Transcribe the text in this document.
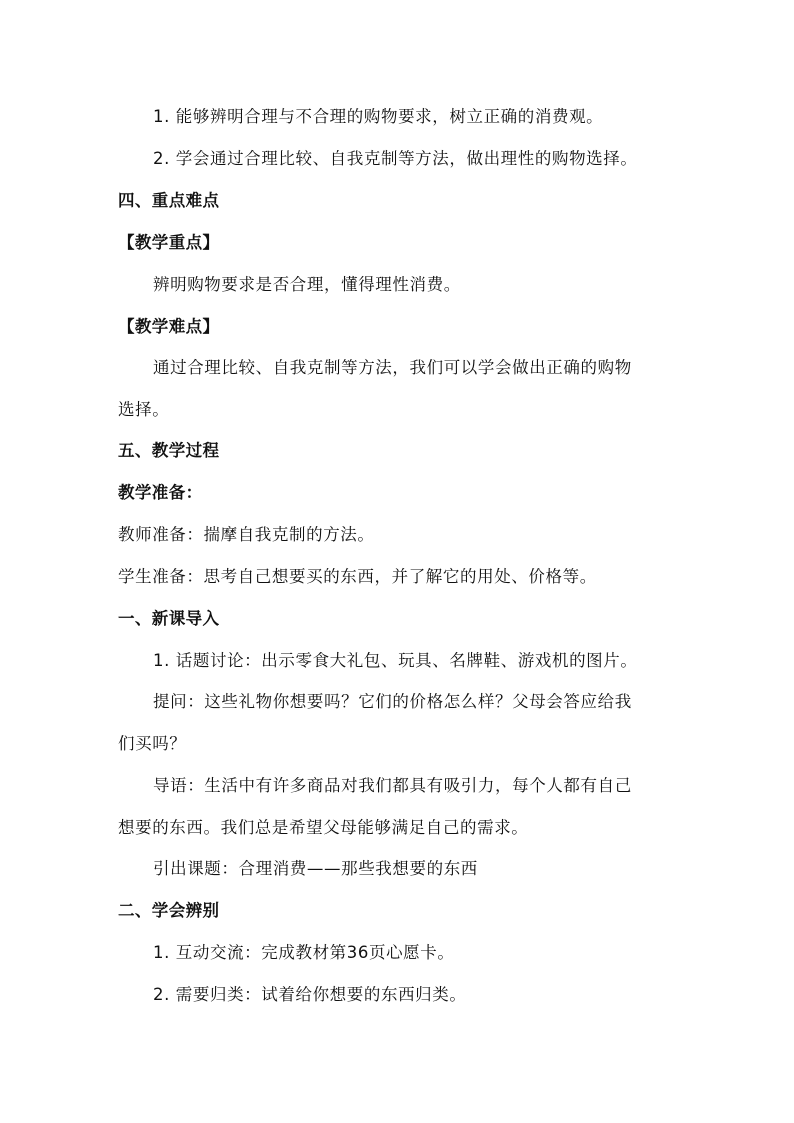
1. 能够辨明合理与不合理的购物要求，树立正确的消费观。
2. 学会通过合理比较、自我克制等方法，做出理性的购物选择。
四、重点难点
【教学重点】
辨明购物要求是否合理，懂得理性消费。
【教学难点】
通过合理比较、自我克制等方法，我们可以学会做出正确的购物
选择。
五、教学过程
教学准备：
教师准备：揣摩自我克制的方法。
学生准备：思考自己想要买的东西，并了解它的用处、价格等。
一、新课导入
1. 话题讨论：出示零食大礼包、玩具、名牌鞋、游戏机的图片。
提问：这些礼物你想要吗？它们的价格怎么样？父母会答应给我
们买吗？
导语：生活中有许多商品对我们都具有吸引力，每个人都有自己
想要的东西。我们总是希望父母能够满足自己的需求。
引出课题：合理消费——那些我想要的东西
二、学会辨别
1. 互动交流：完成教材第36页心愿卡。
2. 需要归类：试着给你想要的东西归类。
